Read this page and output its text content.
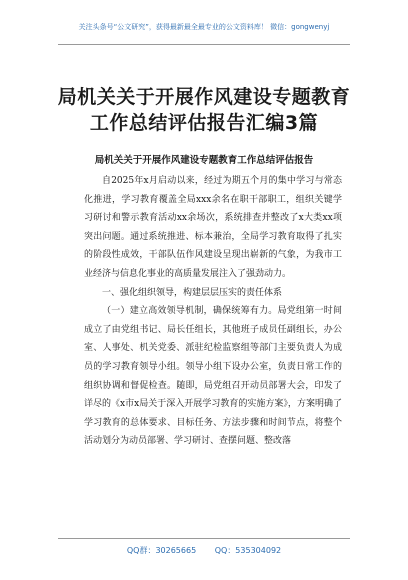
关注头条号“公文研究”，获得最新最全最专业的公文资料库！ 微信：gongwenyj
局机关关于开展作风建设专题教育工作总结评估报告汇编3篇
局机关关于开展作风建设专题教育工作总结评估报告

自2025年x月启动以来，经过为期五个月的集中学习与常态化推进，学习教育覆盖全局xxx余名在职干部职工，组织关键学习研讨和警示教育活动xx余场次，系统排查并整改了x大类xx项突出问题。通过系统推进、标本兼治，全局学习教育取得了扎实的阶段性成效，干部队伍作风建设呈现出崭新的气象，为我市工业经济与信息化事业的高质量发展注入了强劲动力。

一、强化组织领导，构建层层压实的责任体系

（一）建立高效领导机制，确保统筹有力。局党组第一时间成立了由党组书记、局长任组长，其他班子成员任副组长，办公室、人事处、机关党委、派驻纪检监察组等部门主要负责人为成员的学习教育领导小组。领导小组下设办公室，负责日常工作的组织协调和督促检查。随即，局党组召开动员部署大会，印发了详尽的《x市x局关于深入开展学习教育的实施方案》，方案明确了学习教育的总体要求、目标任务、方法步骤和时间节点，将整个活动划分为动员部署、学习研讨、查摆问题、整改落

QQ群：30265665 QQ：535304092
